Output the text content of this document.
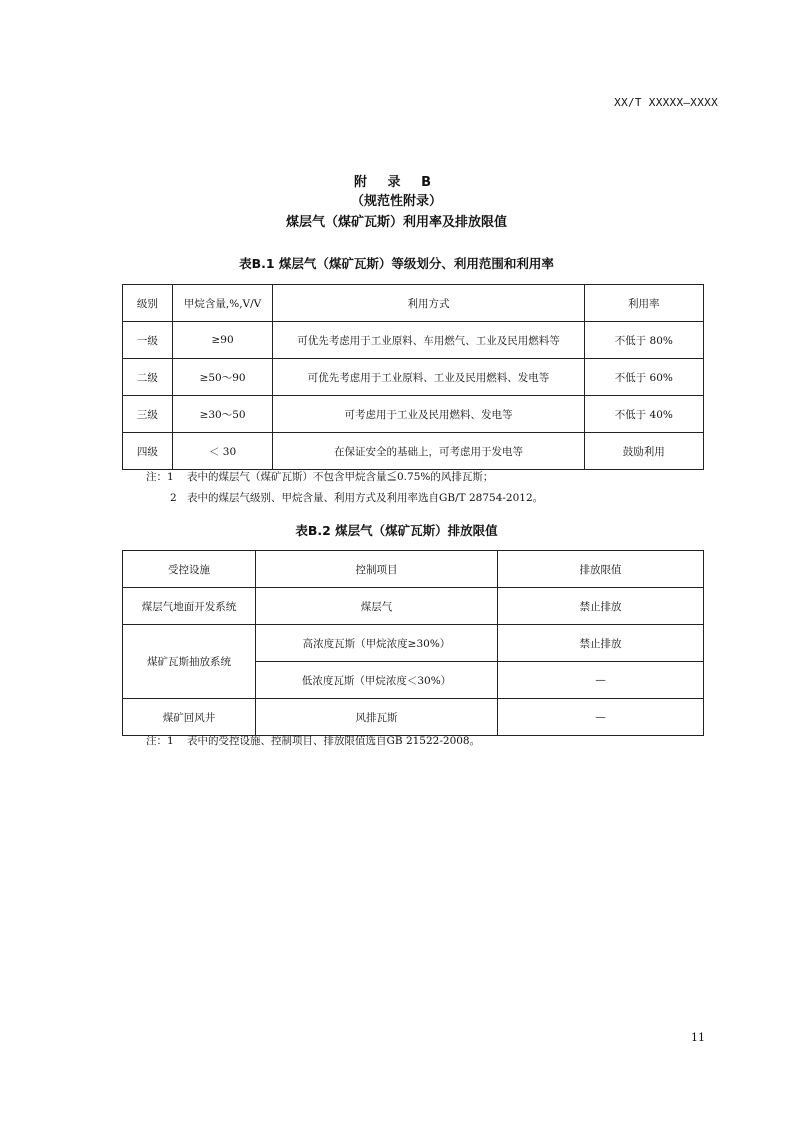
XX/T XXXXX—XXXX
附 录 B
（规范性附录）
煤层气（煤矿瓦斯）利用率及排放限值
表B.1 煤层气（煤矿瓦斯）等级划分、利用范围和利用率
级别	甲烷含量,%,V/V	利用方式	利用率
一级	≥90	可优先考虑用于工业原料、车用燃气、工业及民用燃料等	不低于 80%
二级	≥50～90	可优先考虑用于工业原料、工业及民用燃料、发电等	不低于 60%
三级	≥30～50	可考虑用于工业及民用燃料、发电等	不低于 40%
四级	＜ 30	在保证安全的基础上，可考虑用于发电等	鼓励利用
注：1 表中的煤层气（煤矿瓦斯）不包含甲烷含量≦0.75%的风排瓦斯；
2 表中的煤层气级别、甲烷含量、利用方式及利用率选自GB/T 28754-2012。
表B.2 煤层气（煤矿瓦斯）排放限值
受控设施	控制项目	排放限值
煤层气地面开发系统	煤层气	禁止排放
煤矿瓦斯抽放系统	高浓度瓦斯（甲烷浓度≥30%）	禁止排放
	低浓度瓦斯（甲烷浓度＜30%）	—
煤矿回风井	风排瓦斯	—
注：1 表中的受控设施、控制项目、排放限值选自GB 21522-2008。
11
